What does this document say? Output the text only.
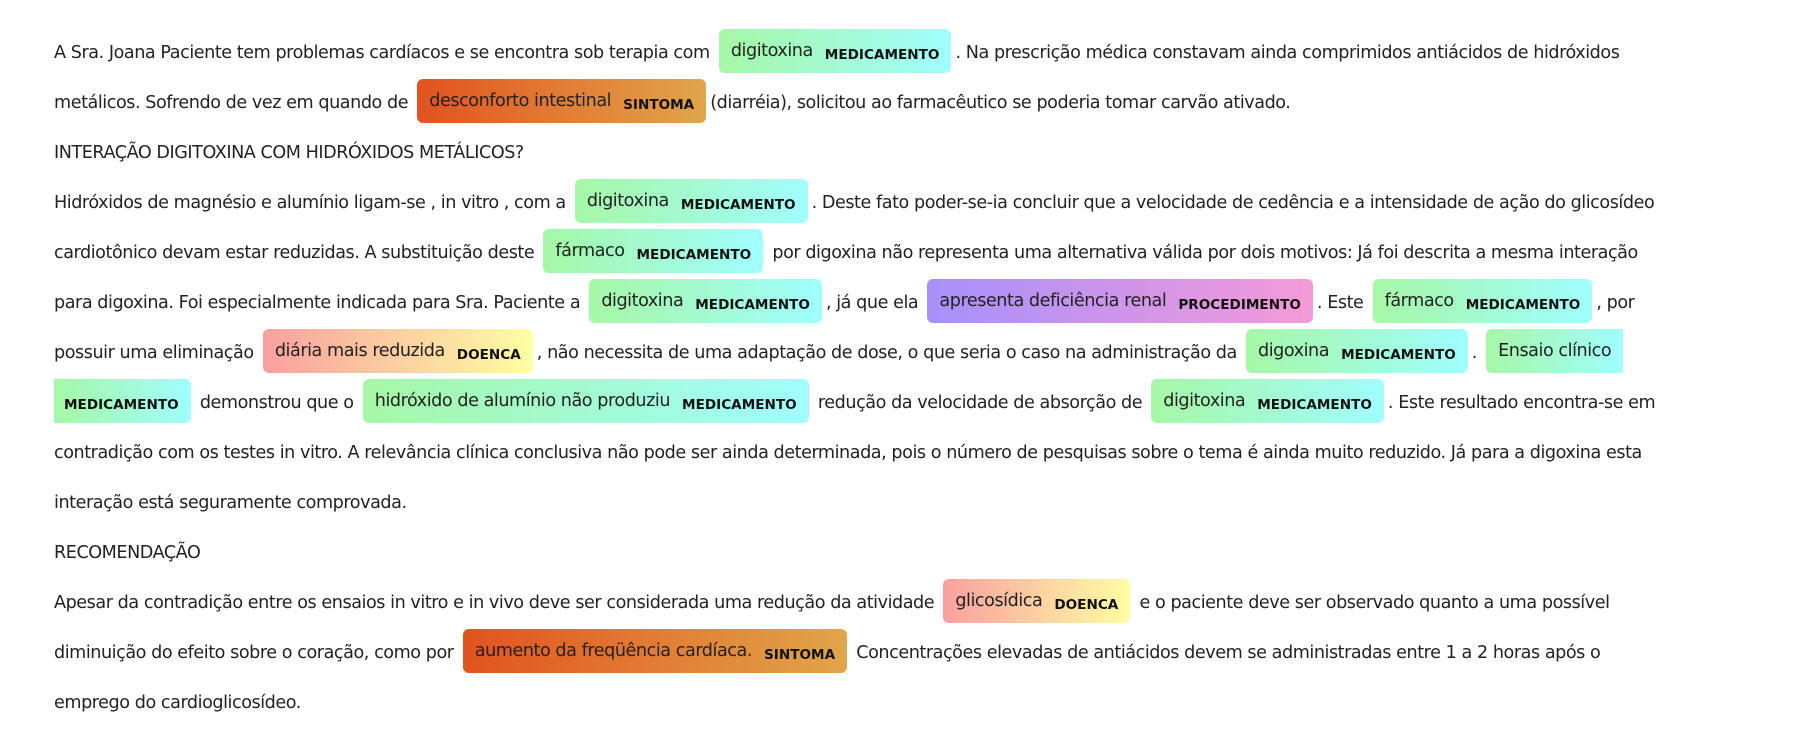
A Sra. Joana Paciente tem problemas cardíacos e se encontra sob terapia com digitoxina MEDICAMENTO . Na prescrição médica constavam ainda comprimidos antiácidos de hidróxidos
metálicos. Sofrendo de vez em quando de desconforto intestinal SINTOMA (diarréia), solicitou ao farmacêutico se poderia tomar carvão ativado.
INTERAÇÃO DIGITOXINA COM HIDRÓXIDOS METÁLICOS?
Hidróxidos de magnésio e alumínio ligam-se , in vitro , com a digitoxina MEDICAMENTO . Deste fato poder-se-ia concluir que a velocidade de cedência e a intensidade de ação do glicosídeo
cardiotônico devam estar reduzidas. A substituição deste fármaco MEDICAMENTO por digoxina não representa uma alternativa válida por dois motivos: Já foi descrita a mesma interação
para digoxina. Foi especialmente indicada para Sra. Paciente a digitoxina MEDICAMENTO , já que ela apresenta deficiência renal PROCEDIMENTO . Este fármaco MEDICAMENTO , por
possuir uma eliminação diária mais reduzida DOENCA , não necessita de uma adaptação de dose, o que seria o caso na administração da digoxina MEDICAMENTO . Ensaio clínico
MEDICAMENTO demonstrou que o hidróxido de alumínio não produziu MEDICAMENTO redução da velocidade de absorção de digitoxina MEDICAMENTO . Este resultado encontra-se em
contradição com os testes in vitro. A relevância clínica conclusiva não pode ser ainda determinada, pois o número de pesquisas sobre o tema é ainda muito reduzido. Já para a digoxina esta
interação está seguramente comprovada.
RECOMENDAÇÃO
Apesar da contradição entre os ensaios in vitro e in vivo deve ser considerada uma redução da atividade glicosídica DOENCA e o paciente deve ser observado quanto a uma possível
diminuição do efeito sobre o coração, como por aumento da freqüência cardíaca. SINTOMA Concentrações elevadas de antiácidos devem se administradas entre 1 a 2 horas após o
emprego do cardioglicosídeo.
